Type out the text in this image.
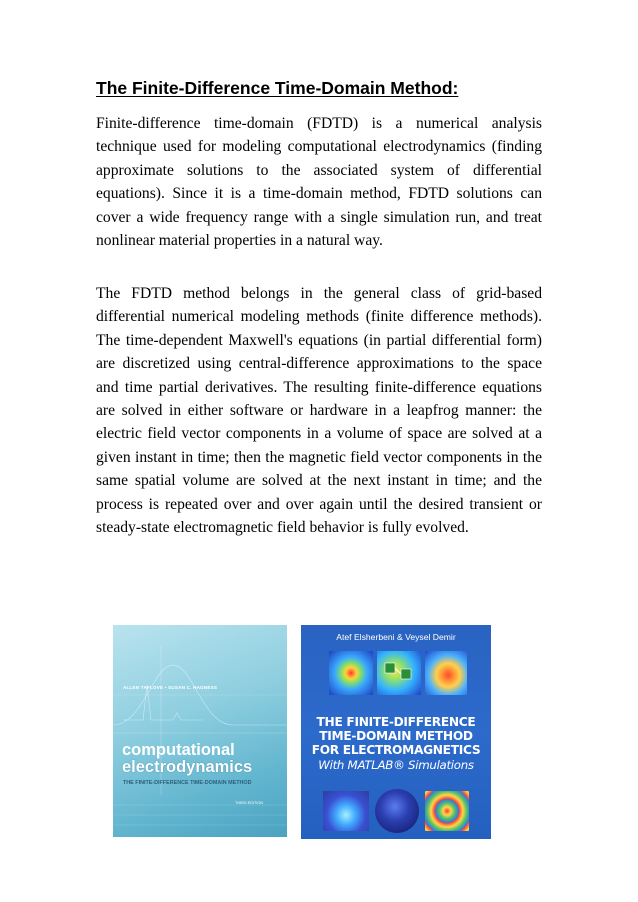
The Finite-Difference Time-Domain Method:

Finite-difference time-domain (FDTD) is a numerical analysis technique used for modeling computational electrodynamics (finding approximate solutions to the associated system of differential equations). Since it is a time-domain method, FDTD solutions can cover a wide frequency range with a single simulation run, and treat nonlinear material properties in a natural way.

The FDTD method belongs in the general class of grid-based differential numerical modeling methods (finite difference methods). The time-dependent Maxwell's equations (in partial differential form) are discretized using central-difference approximations to the space and time partial derivatives. The resulting finite-difference equations are solved in either software or hardware in a leapfrog manner: the electric field vector components in a volume of space are solved at a given instant in time; then the magnetic field vector components in the same spatial volume are solved at the next instant in time; and the process is repeated over and over again until the desired transient or steady-state electromagnetic field behavior is fully evolved.

ALLEN TAFLOVE • SUSAN C. HAGNESS
computational
electrodynamics
THE FINITE-DIFFERENCE TIME-DOMAIN METHOD
THIRD EDITION
Atef Elsherbeni & Veysel Demir
THE FINITE-DIFFERENCE
TIME-DOMAIN METHOD
FOR ELECTROMAGNETICS
With MATLAB® Simulations
